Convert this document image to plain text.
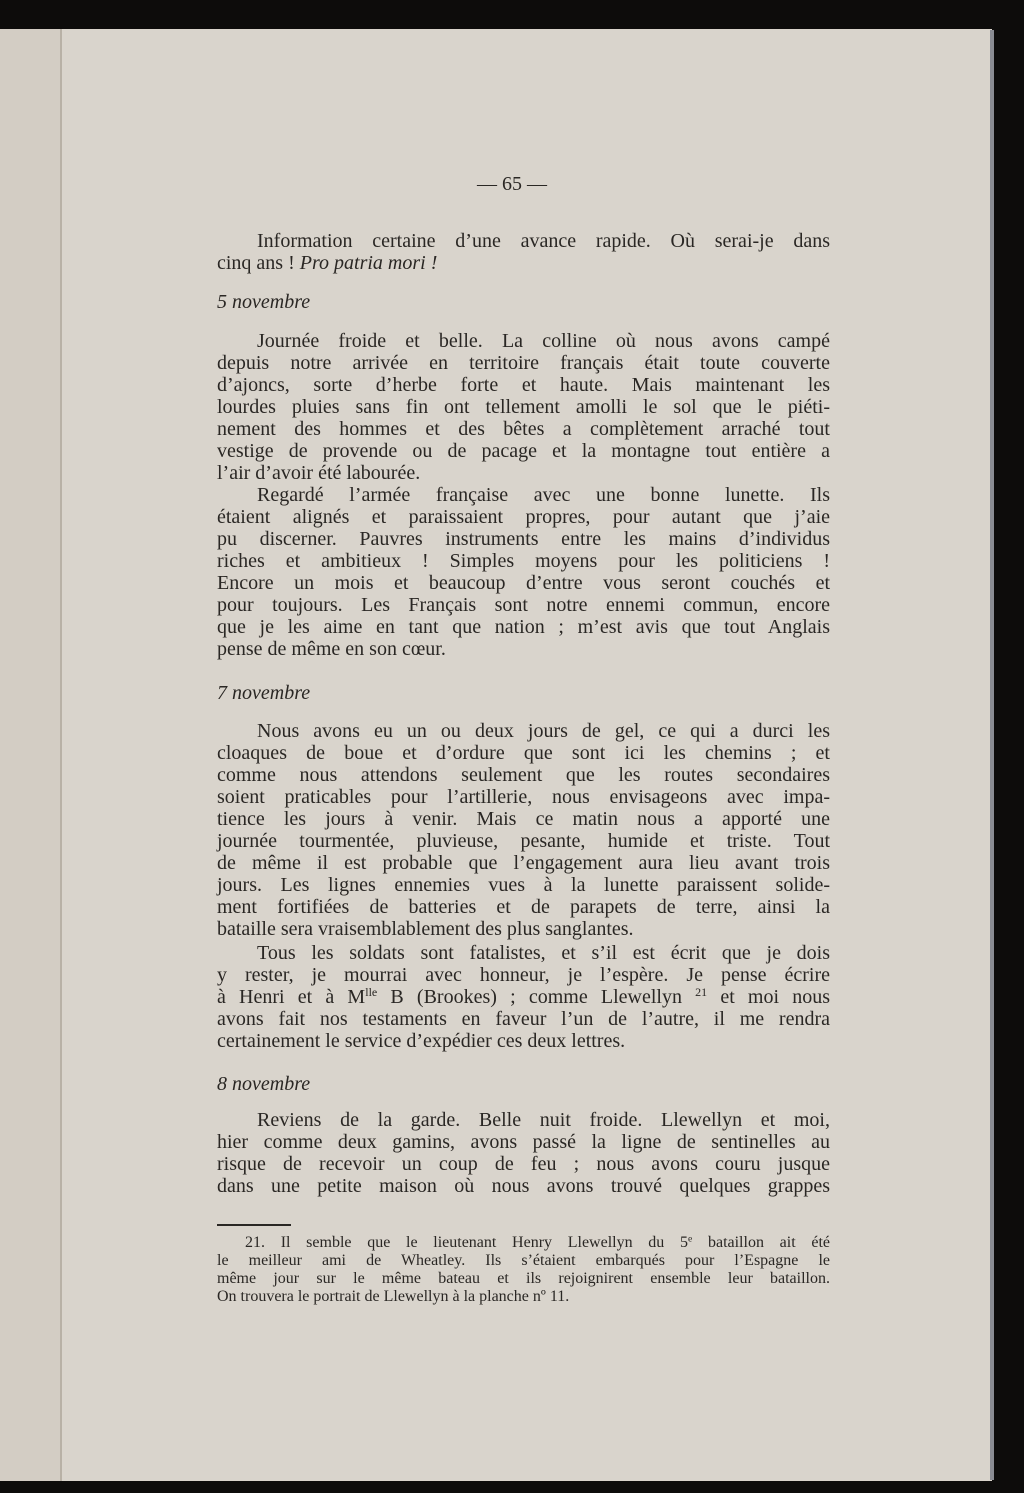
— 65 —
Information certaine d’une avance rapide. Où serai-je dans
cinq ans ! Pro patria mori !
5 novembre
Journée froide et belle. La colline où nous avons campé
depuis notre arrivée en territoire français était toute couverte
d’ajoncs, sorte d’herbe forte et haute. Mais maintenant les
lourdes pluies sans fin ont tellement amolli le sol que le piéti-
nement des hommes et des bêtes a complètement arraché tout
vestige de provende ou de pacage et la montagne tout entière a
l’air d’avoir été labourée.
Regardé l’armée française avec une bonne lunette. Ils
étaient alignés et paraissaient propres, pour autant que j’aie
pu discerner. Pauvres instruments entre les mains d’individus
riches et ambitieux ! Simples moyens pour les politiciens !
Encore un mois et beaucoup d’entre vous seront couchés et
pour toujours. Les Français sont notre ennemi commun, encore
que je les aime en tant que nation ; m’est avis que tout Anglais
pense de même en son cœur.
7 novembre
Nous avons eu un ou deux jours de gel, ce qui a durci les
cloaques de boue et d’ordure que sont ici les chemins ; et
comme nous attendons seulement que les routes secondaires
soient praticables pour l’artillerie, nous envisageons avec impa-
tience les jours à venir. Mais ce matin nous a apporté une
journée tourmentée, pluvieuse, pesante, humide et triste. Tout
de même il est probable que l’engagement aura lieu avant trois
jours. Les lignes ennemies vues à la lunette paraissent solide-
ment fortifiées de batteries et de parapets de terre, ainsi la
bataille sera vraisemblablement des plus sanglantes.
Tous les soldats sont fatalistes, et s’il est écrit que je dois
y rester, je mourrai avec honneur, je l’espère. Je pense écrire
à Henri et à $M^{lle}$ B (Brookes) ; comme Llewellyn $^{21}$ et moi nous
avons fait nos testaments en faveur l’un de l’autre, il me rendra
certainement le service d’expédier ces deux lettres.
8 novembre
Reviens de la garde. Belle nuit froide. Llewellyn et moi,
hier comme deux gamins, avons passé la ligne de sentinelles au
risque de recevoir un coup de feu ; nous avons couru jusque
dans une petite maison où nous avons trouvé quelques grappes
21. Il semble que le lieutenant Henry Llewellyn du 5e bataillon ait été
le meilleur ami de Wheatley. Ils s’étaient embarqués pour l’Espagne le
même jour sur le même bateau et ils rejoignirent ensemble leur bataillon.
On trouvera le portrait de Llewellyn à la planche nº 11.
